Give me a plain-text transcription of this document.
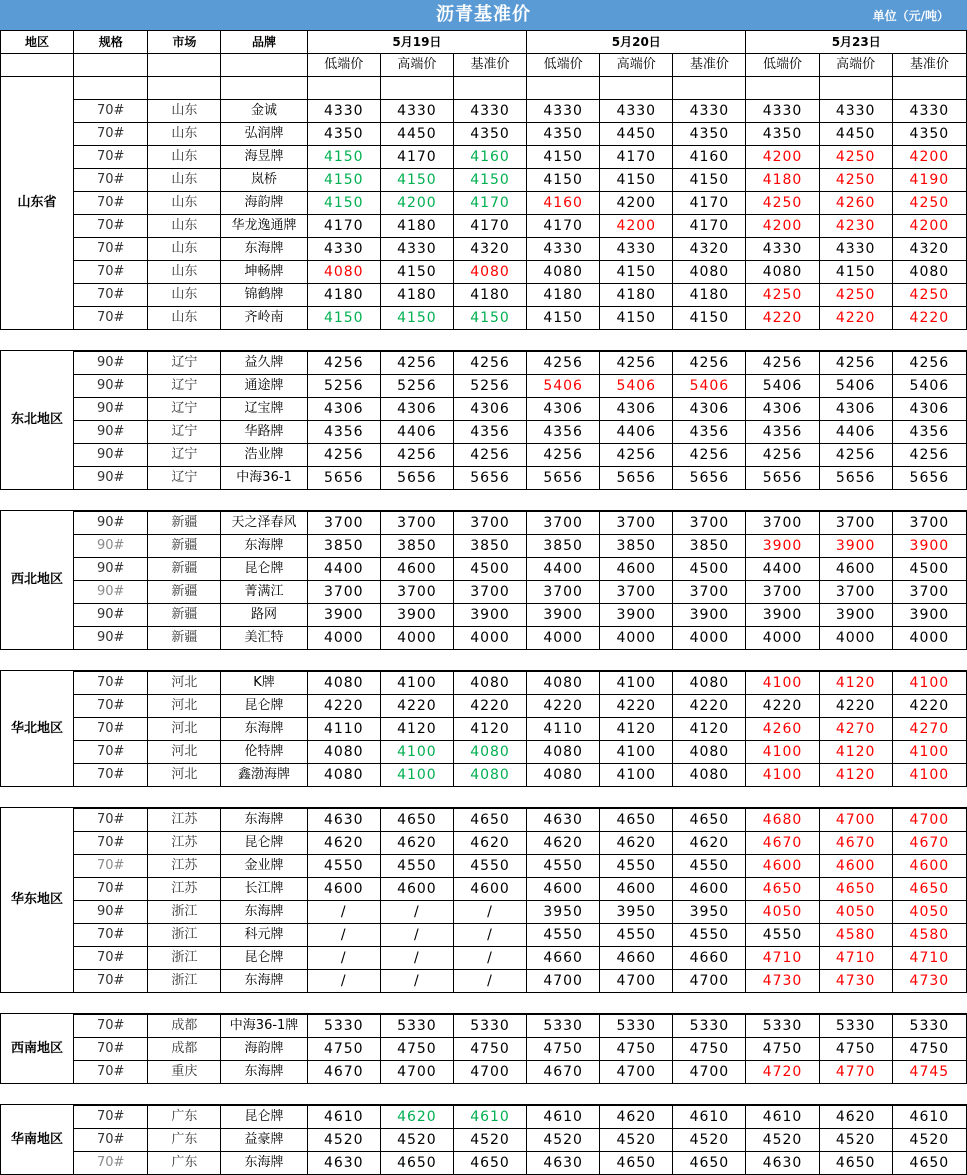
沥青基准价	单位（元/吨）
地区	规格	市场	品牌	5月19日			5月20日			5月23日		
				低端价	高端价	基准价	低端价	高端价	基准价	低端价	高端价	基准价
山东省												
	70#	山东	金诚	4330	4330	4330	4330	4330	4330	4330	4330	4330
	70#	山东	弘润牌	4350	4450	4350	4350	4450	4350	4350	4450	4350
	70#	山东	海昱牌	4150	4170	4160	4150	4170	4160	4200	4250	4200
	70#	山东	岚桥	4150	4150	4150	4150	4150	4150	4180	4250	4190
	70#	山东	海韵牌	4150	4200	4170	4160	4200	4170	4250	4260	4250
	70#	山东	华龙逸通牌	4170	4180	4170	4170	4200	4170	4200	4230	4200
	70#	山东	东海牌	4330	4330	4320	4330	4330	4320	4330	4330	4320
	70#	山东	坤畅牌	4080	4150	4080	4080	4150	4080	4080	4150	4080
	70#	山东	锦鹤牌	4180	4180	4180	4180	4180	4180	4250	4250	4250
	70#	山东	齐岭南	4150	4150	4150	4150	4150	4150	4220	4220	4220

东北地区												
	90#	辽宁	益久牌	4256	4256	4256	4256	4256	4256	4256	4256	4256
	90#	辽宁	通途牌	5256	5256	5256	5406	5406	5406	5406	5406	5406
	90#	辽宁	辽宝牌	4306	4306	4306	4306	4306	4306	4306	4306	4306
	90#	辽宁	华路牌	4356	4406	4356	4356	4406	4356	4356	4406	4356
	90#	辽宁	浩业牌	4256	4256	4256	4256	4256	4256	4256	4256	4256
	90#	辽宁	中海36-1	5656	5656	5656	5656	5656	5656	5656	5656	5656

西北地区												
	90#	新疆	天之泽春风	3700	3700	3700	3700	3700	3700	3700	3700	3700
	90#	新疆	东海牌	3850	3850	3850	3850	3850	3850	3900	3900	3900
	90#	新疆	昆仑牌	4400	4600	4500	4400	4600	4500	4400	4600	4500
	90#	新疆	菁满江	3700	3700	3700	3700	3700	3700	3700	3700	3700
	90#	新疆	路网	3900	3900	3900	3900	3900	3900	3900	3900	3900
	90#	新疆	美汇特	4000	4000	4000	4000	4000	4000	4000	4000	4000

华北地区												
	70#	河北	K牌	4080	4100	4080	4080	4100	4080	4100	4120	4100
	70#	河北	昆仑牌	4220	4220	4220	4220	4220	4220	4220	4220	4220
	70#	河北	东海牌	4110	4120	4120	4110	4120	4120	4260	4270	4270
	70#	河北	伦特牌	4080	4100	4080	4080	4100	4080	4100	4120	4100
	70#	河北	鑫渤海牌	4080	4100	4080	4080	4100	4080	4100	4120	4100

华东地区												
	70#	江苏	东海牌	4630	4650	4650	4630	4650	4650	4680	4700	4700
	70#	江苏	昆仑牌	4620	4620	4620	4620	4620	4620	4670	4670	4670
	70#	江苏	金业牌	4550	4550	4550	4550	4550	4550	4600	4600	4600
	70#	江苏	长江牌	4600	4600	4600	4600	4600	4600	4650	4650	4650
	90#	浙江	东海牌	/	/	/	3950	3950	3950	4050	4050	4050
	70#	浙江	科元牌	/	/	/	4550	4550	4550	4550	4580	4580
	70#	浙江	昆仑牌	/	/	/	4660	4660	4660	4710	4710	4710
	70#	浙江	东海牌	/	/	/	4700	4700	4700	4730	4730	4730

西南地区												
	70#	成都	中海36-1牌	5330	5330	5330	5330	5330	5330	5330	5330	5330
	70#	成都	海韵牌	4750	4750	4750	4750	4750	4750	4750	4750	4750
	70#	重庆	东海牌	4670	4700	4700	4670	4700	4700	4720	4770	4745

华南地区												
	70#	广东	昆仑牌	4610	4620	4610	4610	4620	4610	4610	4620	4610
	70#	广东	益豪牌	4520	4520	4520	4520	4520	4520	4520	4520	4520
	70#	广东	东海牌	4630	4650	4650	4630	4650	4650	4630	4650	4650
